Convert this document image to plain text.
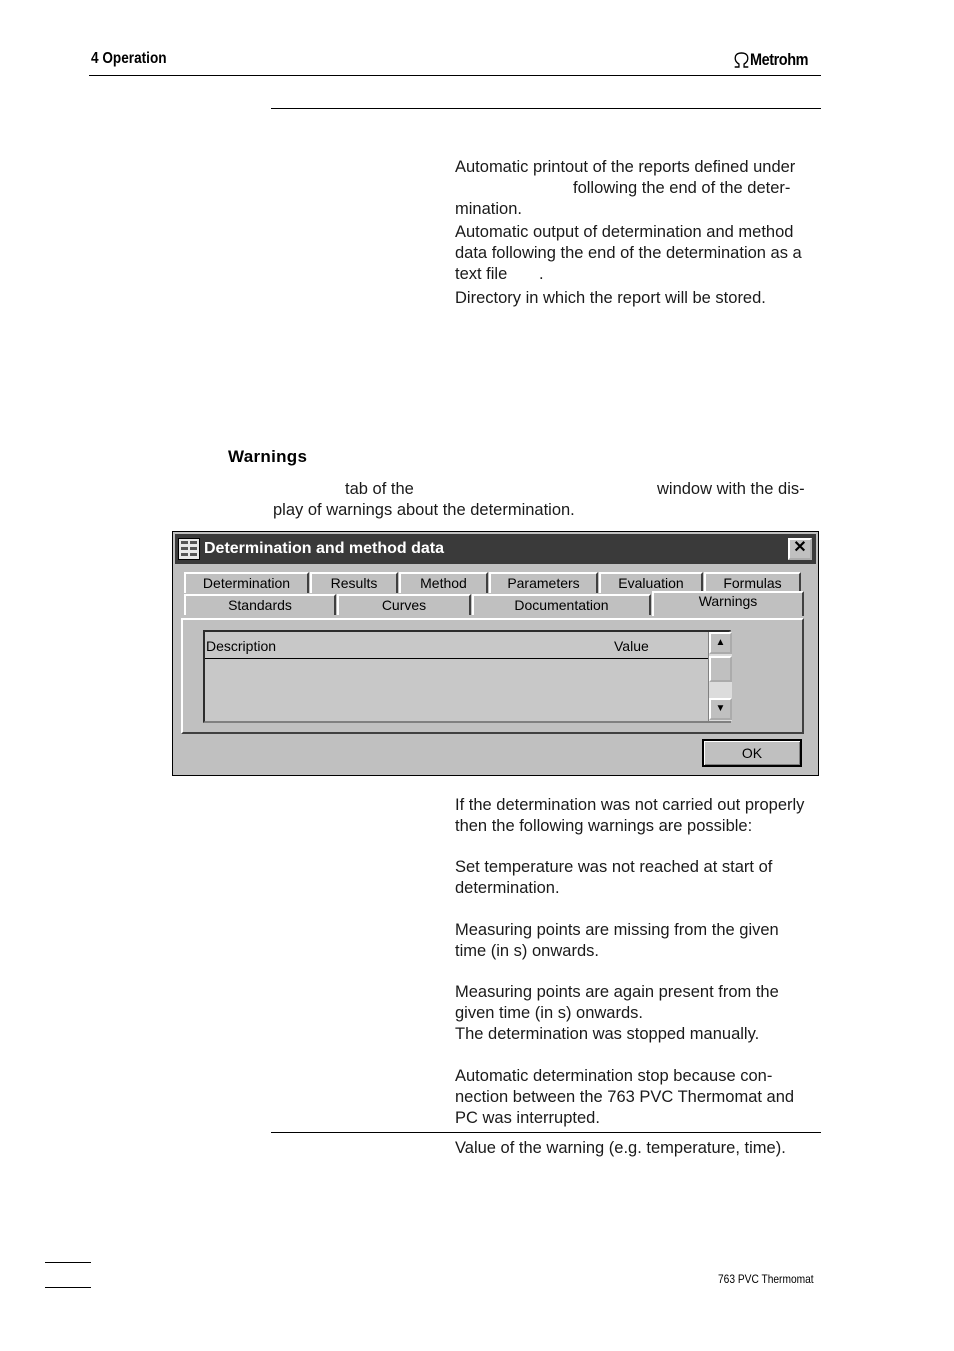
4 Operation	Metrohm
Automatic printout of the reports defined under
following the end of the deter-
mination.
Automatic output of determination and method
data following the end of the determination as a
text file .
Directory in which the report will be stored.
Warnings
tab of the	window with the dis-
play of warnings about the determination.
Determination and method data	✕
Determination	Results	Method	Parameters	Evaluation	Formulas
Standards	Curves	Documentation	Warnings
Description	Value	▲
▼
OK
If the determination was not carried out properly
then the following warnings are possible:
Set temperature was not reached at start of
determination.
Measuring points are missing from the given
time (in s) onwards.
Measuring points are again present from the
given time (in s) onwards.
The determination was stopped manually.
Automatic determination stop because con-
nection between the 763 PVC Thermomat and
PC was interrupted.
Value of the warning (e.g. temperature, time).
763 PVC Thermomat
